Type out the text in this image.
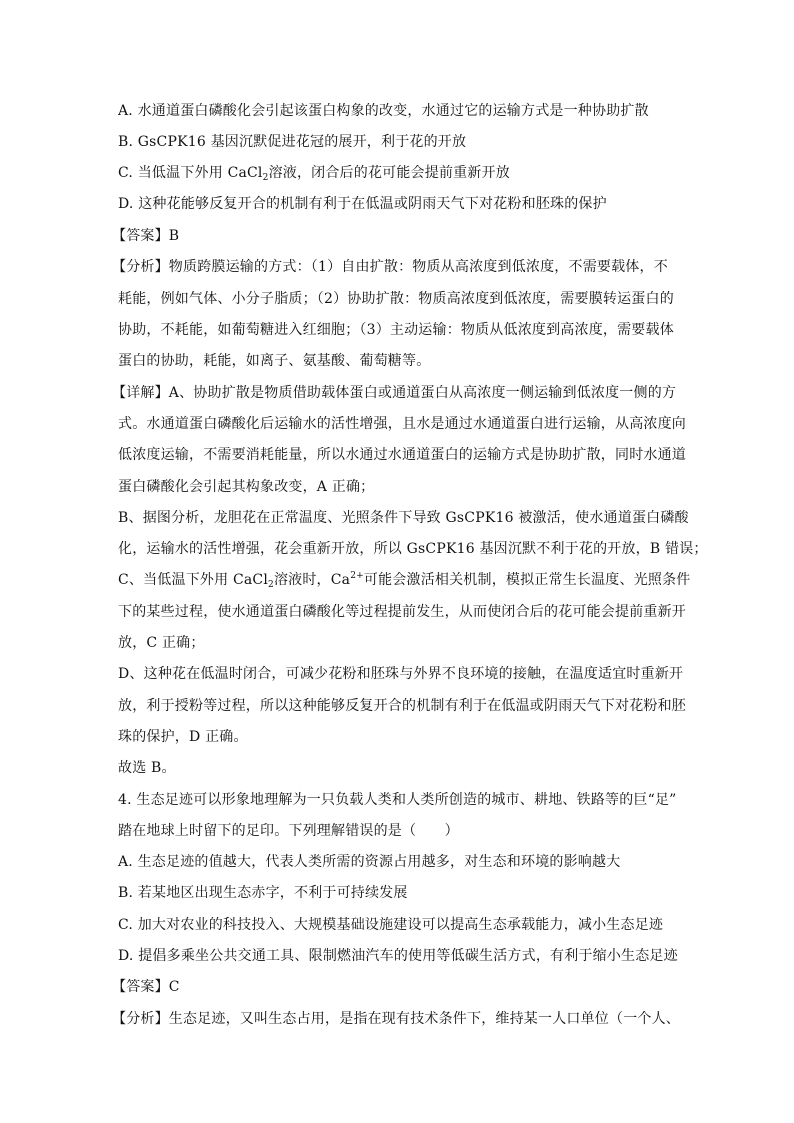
A. 水通道蛋白磷酸化会引起该蛋白构象的改变，水通过它的运输方式是一种协助扩散
B. GsCPK16 基因沉默促进花冠的展开，利于花的开放
C. 当低温下外用 CaCl$_2$溶液，闭合后的花可能会提前重新开放
D. 这种花能够反复开合的机制有利于在低温或阴雨天气下对花粉和胚珠的保护
【答案】B
【分析】物质跨膜运输的方式：（1）自由扩散：物质从高浓度到低浓度，不需要载体，不
耗能，例如气体、小分子脂质；（2）协助扩散：物质高浓度到低浓度，需要膜转运蛋白的
协助，不耗能，如葡萄糖进入红细胞；（3）主动运输：物质从低浓度到高浓度，需要载体
蛋白的协助，耗能，如离子、氨基酸、葡萄糖等。
【详解】A、协助扩散是物质借助载体蛋白或通道蛋白从高浓度一侧运输到低浓度一侧的方
式。水通道蛋白磷酸化后运输水的活性增强，且水是通过水通道蛋白进行运输，从高浓度向
低浓度运输，不需要消耗能量，所以水通过水通道蛋白的运输方式是协助扩散，同时水通道
蛋白磷酸化会引起其构象改变，A 正确；
B、据图分析，龙胆花在正常温度、光照条件下导致 GsCPK16 被激活，使水通道蛋白磷酸
化，运输水的活性增强，花会重新开放，所以 GsCPK16 基因沉默不利于花的开放，B 错误；
C、当低温下外用 CaCl$_2$溶液时，$Ca^{2+}$可能会激活相关机制，模拟正常生长温度、光照条件
下的某些过程，使水通道蛋白磷酸化等过程提前发生，从而使闭合后的花可能会提前重新开
放，C 正确；
D、这种花在低温时闭合，可减少花粉和胚珠与外界不良环境的接触，在温度适宜时重新开
放，利于授粉等过程，所以这种能够反复开合的机制有利于在低温或阴雨天气下对花粉和胚
珠的保护，D 正确。
故选 B。
4. 生态足迹可以形象地理解为一只负载人类和人类所创造的城市、耕地、铁路等的巨“足”
踏在地球上时留下的足印。下列理解错误的是（　　）
A. 生态足迹的值越大，代表人类所需的资源占用越多，对生态和环境的影响越大
B. 若某地区出现生态赤字，不利于可持续发展
C. 加大对农业的科技投入、大规模基础设施建设可以提高生态承载能力，减小生态足迹
D. 提倡多乘坐公共交通工具、限制燃油汽车的使用等低碳生活方式，有利于缩小生态足迹
【答案】C
【分析】生态足迹，又叫生态占用，是指在现有技术条件下，维持某一人口单位（一个人、
